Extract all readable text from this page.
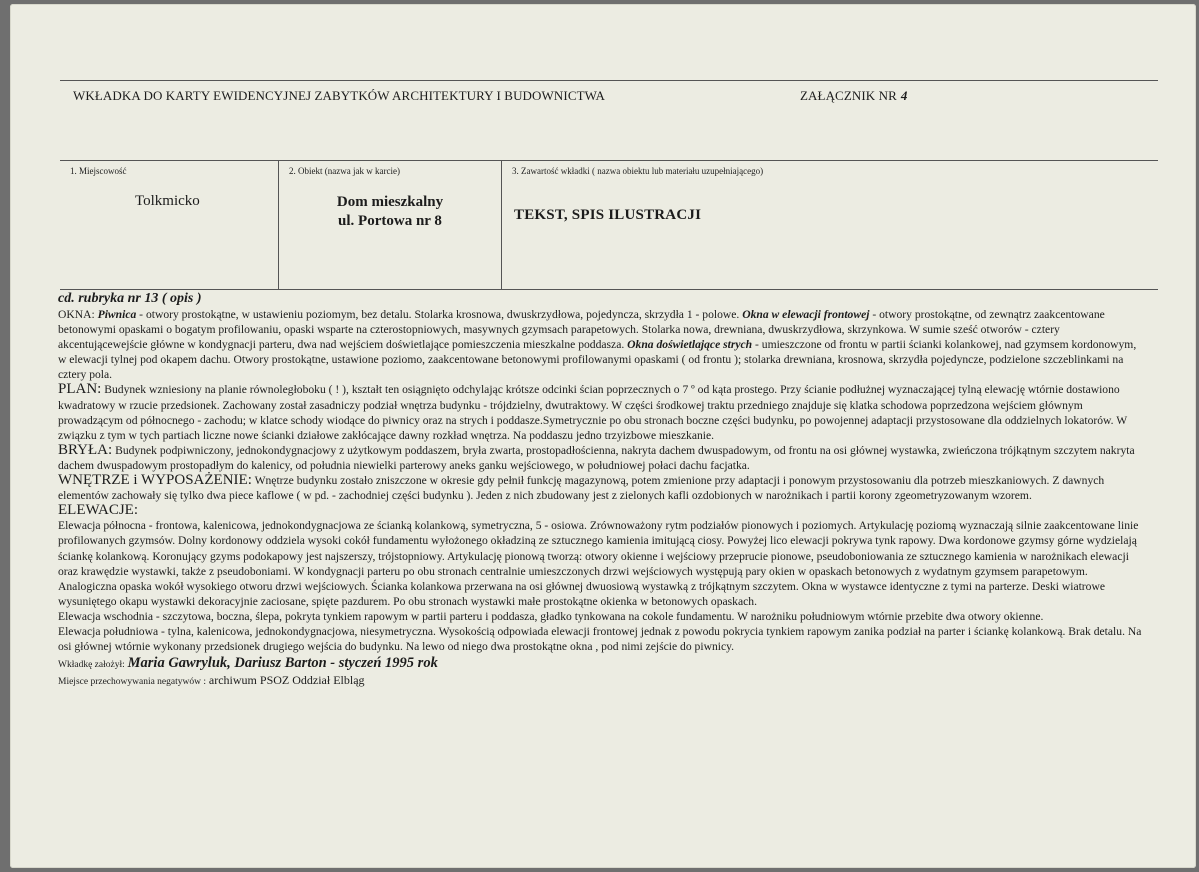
WKŁADKA DO KARTY EWIDENCYJNEJ ZABYTKÓW ARCHITEKTURY I BUDOWNICTWA	ZAŁĄCZNIK NR 4
1. Miejscowość
Tolkmicko
2. Obiekt (nazwa jak w karcie)
Dom mieszkalny
ul. Portowa nr 8
3. Zawartość wkładki ( nazwa obiektu lub materiału uzupełniającego)
TEKST, SPIS ILUSTRACJI

cd. rubryka nr 13 ( opis )

OKNA: Piwnica - otwory prostokątne, w ustawieniu poziomym, bez detalu. Stolarka krosnowa, dwuskrzydłowa, pojedyncza, skrzydła 1 - polowe. Okna w elewacji frontowej - otwory prostokątne, od zewnątrz zaakcentowane betonowymi opaskami o bogatym profilowaniu, opaski wsparte na czterostopniowych, masywnych gzymsach parapetowych. Stolarka nowa, drewniana, dwuskrzydłowa, skrzynkowa. W sumie sześć otworów - cztery akcentującewejście główne w kondygnacji parteru, dwa nad wejściem doświetlające pomieszczenia mieszkalne poddasza. Okna doświetlające strych - umieszczone od frontu w partii ścianki kolankowej, nad gzymsem kordonowym, w elewacji tylnej pod okapem dachu. Otwory prostokątne, ustawione poziomo, zaakcentowane betonowymi profilowanymi opaskami ( od frontu ); stolarka drewniana, krosnowa, skrzydła pojedyncze, podzielone szczeblinkami na cztery pola.

PLAN: Budynek wzniesiony na planie równoległoboku ( ! ), kształt ten osiągnięto odchylając krótsze odcinki ścian poprzecznych o 7 º od kąta prostego. Przy ścianie podłużnej wyznaczającej tylną elewację wtórnie dostawiono kwadratowy w rzucie przedsionek. Zachowany został zasadniczy podział wnętrza budynku - trójdzielny, dwutraktowy. W części środkowej traktu przedniego znajduje się klatka schodowa poprzedzona wejściem głównym prowadzącym od północnego - zachodu; w klatce schody wiodące do piwnicy oraz na strych i poddasze.Symetrycznie po obu stronach boczne części budynku, po powojennej adaptacji przystosowane dla oddzielnych lokatorów. W związku z tym w tych partiach liczne nowe ścianki działowe zakłócające dawny rozkład wnętrza. Na poddaszu jedno trzyizbowe mieszkanie.

BRYŁA: Budynek podpiwniczony, jednokondygnacjowy z użytkowym poddaszem, bryła zwarta, prostopadłościenna, nakryta dachem dwuspadowym, od frontu na osi głównej wystawka, zwieńczona trójkątnym szczytem nakryta dachem dwuspadowym prostopadłym do kalenicy, od południa niewielki parterowy aneks ganku wejściowego, w południowej połaci dachu facjatka.

WNĘTRZE i WYPOSAŻENIE: Wnętrze budynku zostało zniszczone w okresie gdy pełnił funkcję magazynową, potem zmienione przy adaptacji i ponowym przystosowaniu dla potrzeb mieszkaniowych. Z dawnych elementów zachowały się tylko dwa piece kaflowe ( w pd. - zachodniej części budynku ). Jeden z nich zbudowany jest z zielonych kafli ozdobionych w narożnikach i partii korony zgeometryzowanym wzorem.

ELEWACJE:

Elewacja północna - frontowa, kalenicowa, jednokondygnacjowa ze ścianką kolankową, symetryczna, 5 - osiowa. Zrównoważony rytm podziałów pionowych i poziomych. Artykulację poziomą wyznaczają silnie zaakcentowane linie profilowanych gzymsów. Dolny kordonowy oddziela wysoki cokół fundamentu wyłożonego okładziną ze sztucznego kamienia imitującą ciosy. Powyżej lico elewacji pokrywa tynk rapowy. Dwa kordonowe gzymsy górne wydzielają ściankę kolankową. Koronujący gzyms podokapowy jest najszerszy, trójstopniowy. Artykulację pionową tworzą: otwory okienne i wejściowy przeprucie pionowe, pseudoboniowania ze sztucznego kamienia w narożnikach elewacji oraz krawędzie wystawki, także z pseudoboniami. W kondygnacji parteru po obu stronach centralnie umieszczonych drzwi wejściowych występują pary okien w opaskach betonowych z wydatnym gzymsem parapetowym. Analogiczna opaska wokół wysokiego otworu drzwi wejściowych. Ścianka kolankowa przerwana na osi głównej dwuosiową wystawką z trójkątnym szczytem. Okna w wystawce identyczne z tymi na parterze. Deski wiatrowe wysuniętego okapu wystawki dekoracyjnie zaciosane, spięte pazdurem. Po obu stronach wystawki małe prostokątne okienka w betonowych opaskach.

Elewacja wschodnia - szczytowa, boczna, ślepa, pokryta tynkiem rapowym w partii parteru i poddasza, gładko tynkowana na cokole fundamentu. W narożniku południowym wtórnie przebite dwa otwory okienne.

Elewacja południowa - tylna, kalenicowa, jednokondygnacjowa, niesymetryczna. Wysokością odpowiada elewacji frontowej jednak z powodu pokrycia tynkiem rapowym zanika podział na parter i ściankę kolankową. Brak detalu. Na osi głównej wtórnie wykonany przedsionek drugiego wejścia do budynku. Na lewo od niego dwa prostokątne okna , pod nimi zejście do piwnicy.

Wkładkę założył: Maria Gawryluk, Dariusz Barton - styczeń 1995 rok

Miejsce przechowywania negatywów : archiwum PSOZ Oddział Elbląg
